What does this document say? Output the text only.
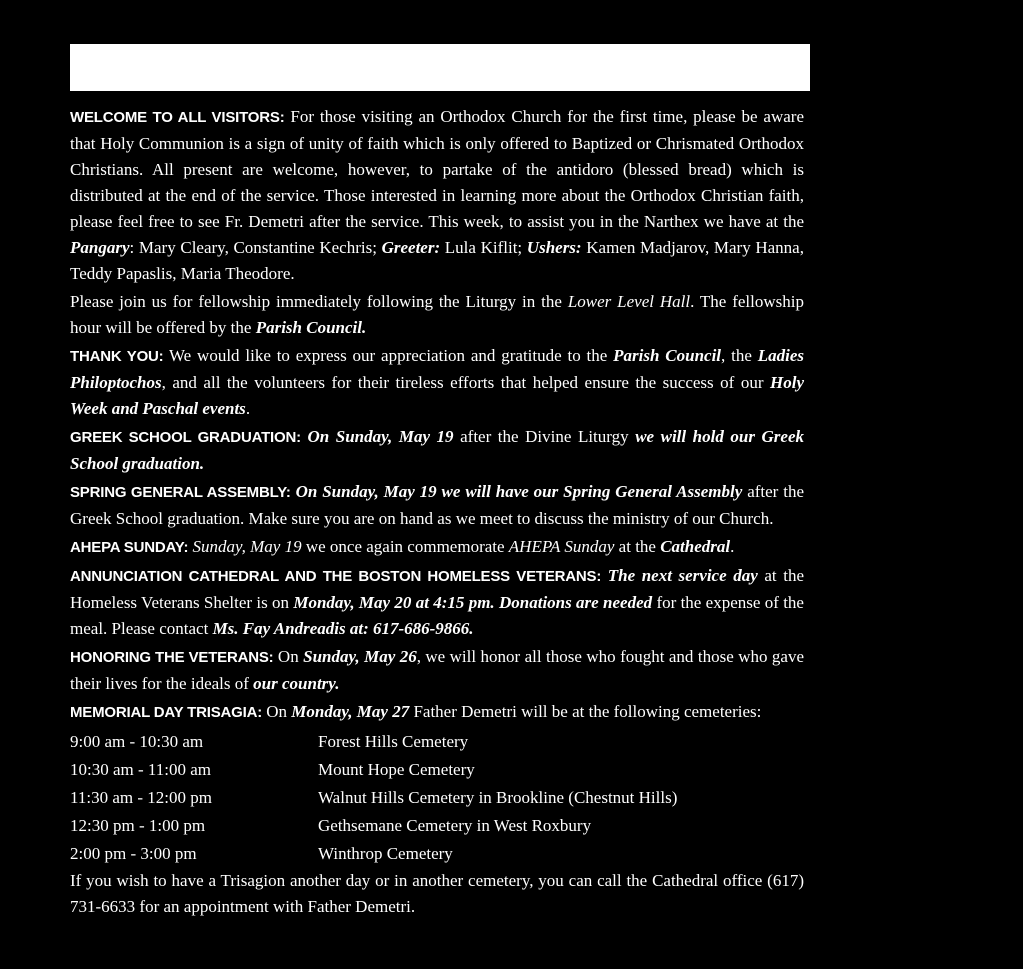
WELCOME TO ALL VISITORS: For those visiting an Orthodox Church for the first time, please be aware that Holy Communion is a sign of unity of faith which is only offered to Baptized or Chrismated Orthodox Christians. All present are welcome, however, to partake of the antidoro (blessed bread) which is distributed at the end of the service. Those interested in learning more about the Orthodox Christian faith, please feel free to see Fr. Demetri after the service. This week, to assist you in the Narthex we have at the Pangary: Mary Cleary, Constantine Kechris; Greeter: Lula Kiflit; Ushers: Kamen Madjarov, Mary Hanna, Teddy Papaslis, Maria Theodore.

Please join us for fellowship immediately following the Liturgy in the Lower Level Hall. The fellowship hour will be offered by the Parish Council.

THANK YOU: We would like to express our appreciation and gratitude to the Parish Council, the Ladies Philoptochos, and all the volunteers for their tireless efforts that helped ensure the success of our Holy Week and Paschal events.

GREEK SCHOOL GRADUATION: On Sunday, May 19 after the Divine Liturgy we will hold our Greek School graduation.

SPRING GENERAL ASSEMBLY: On Sunday, May 19 we will have our Spring General Assembly after the Greek School graduation. Make sure you are on hand as we meet to discuss the ministry of our Church.

AHEPA SUNDAY: Sunday, May 19 we once again commemorate AHEPA Sunday at the Cathedral.

ANNUNCIATION CATHEDRAL AND THE BOSTON HOMELESS VETERANS: The next service day at the Homeless Veterans Shelter is on Monday, May 20 at 4:15 pm. Donations are needed for the expense of the meal. Please contact Ms. Fay Andreadis at: 617-686-9866.

HONORING THE VETERANS: On Sunday, May 26, we will honor all those who fought and those who gave their lives for the ideals of our country.

MEMORIAL DAY TRISAGIA: On Monday, May 27 Father Demetri will be at the following cemeteries:

9:00 am - 10:30 am	Forest Hills Cemetery
10:30 am - 11:00 am	Mount Hope Cemetery
11:30 am - 12:00 pm	Walnut Hills Cemetery in Brookline (Chestnut Hills)
12:30 pm - 1:00 pm	Gethsemane Cemetery in West Roxbury
2:00 pm - 3:00 pm	Winthrop Cemetery

If you wish to have a Trisagion another day or in another cemetery, you can call the Cathedral office (617) 731-6633 for an appointment with Father Demetri.
